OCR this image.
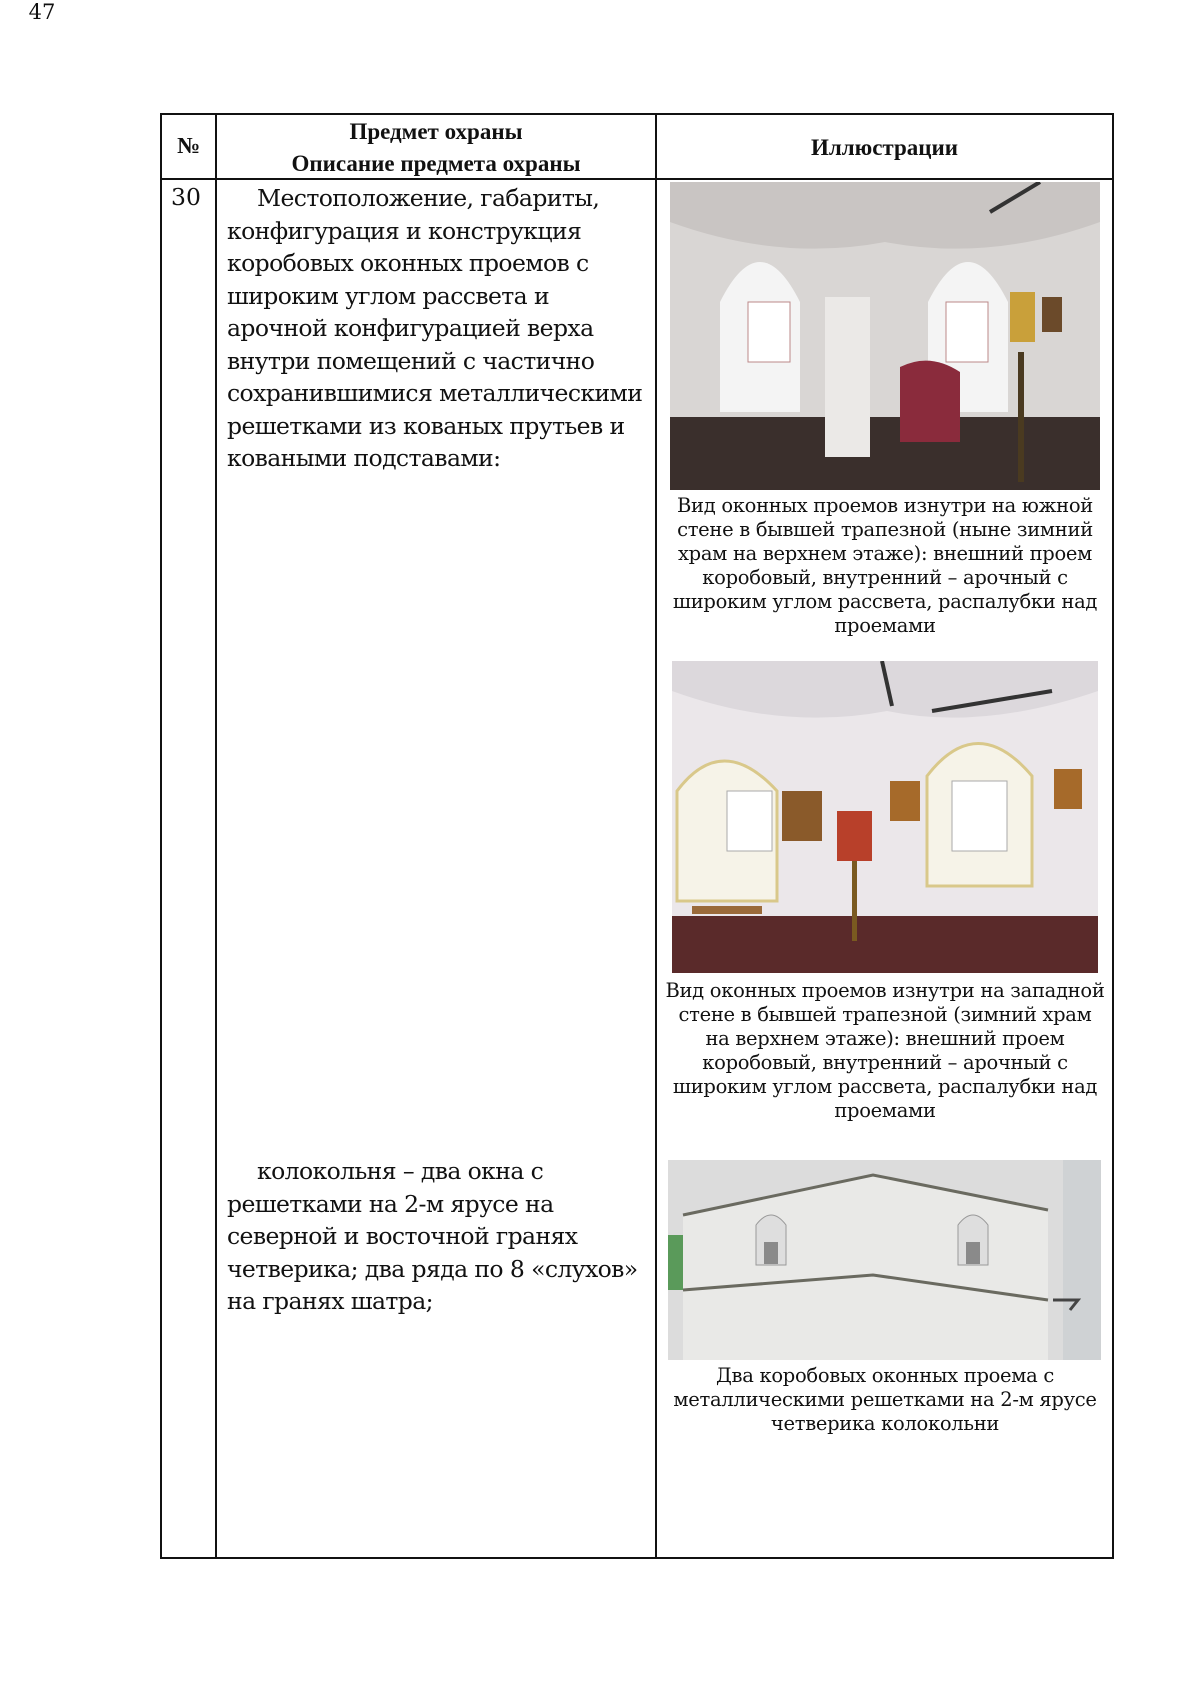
47
№
Предмет охраны
Описание предмета охраны
Иллюстрации
30	Местоположение, габариты, конфигурация и конструкция коробовых оконных проемов с широким углом рассвета и арочной конфигурацией верха внутри помещений с частично сохранившимися металлическими решетками из кованых прутьев и коваными подставами:
колокольня – два окна с решетками на 2-м ярусе на северной и восточной гранях четверика; два ряда по 8 «слухов» на гранях шатра;
Вид оконных проемов изнутри на южной стене в бывшей трапезной (ныне зимний храм на верхнем этаже): внешний проем коробовый, внутренний – арочный с широким углом рассвета, распалубки над проемами
Вид оконных проемов изнутри на западной стене в бывшей трапезной (зимний храм на верхнем этаже): внешний проем коробовый, внутренний – арочный с широким углом рассвета, распалубки над проемами
Два коробовых оконных проема с металлическими решетками на 2-м ярусе четверика колокольни
